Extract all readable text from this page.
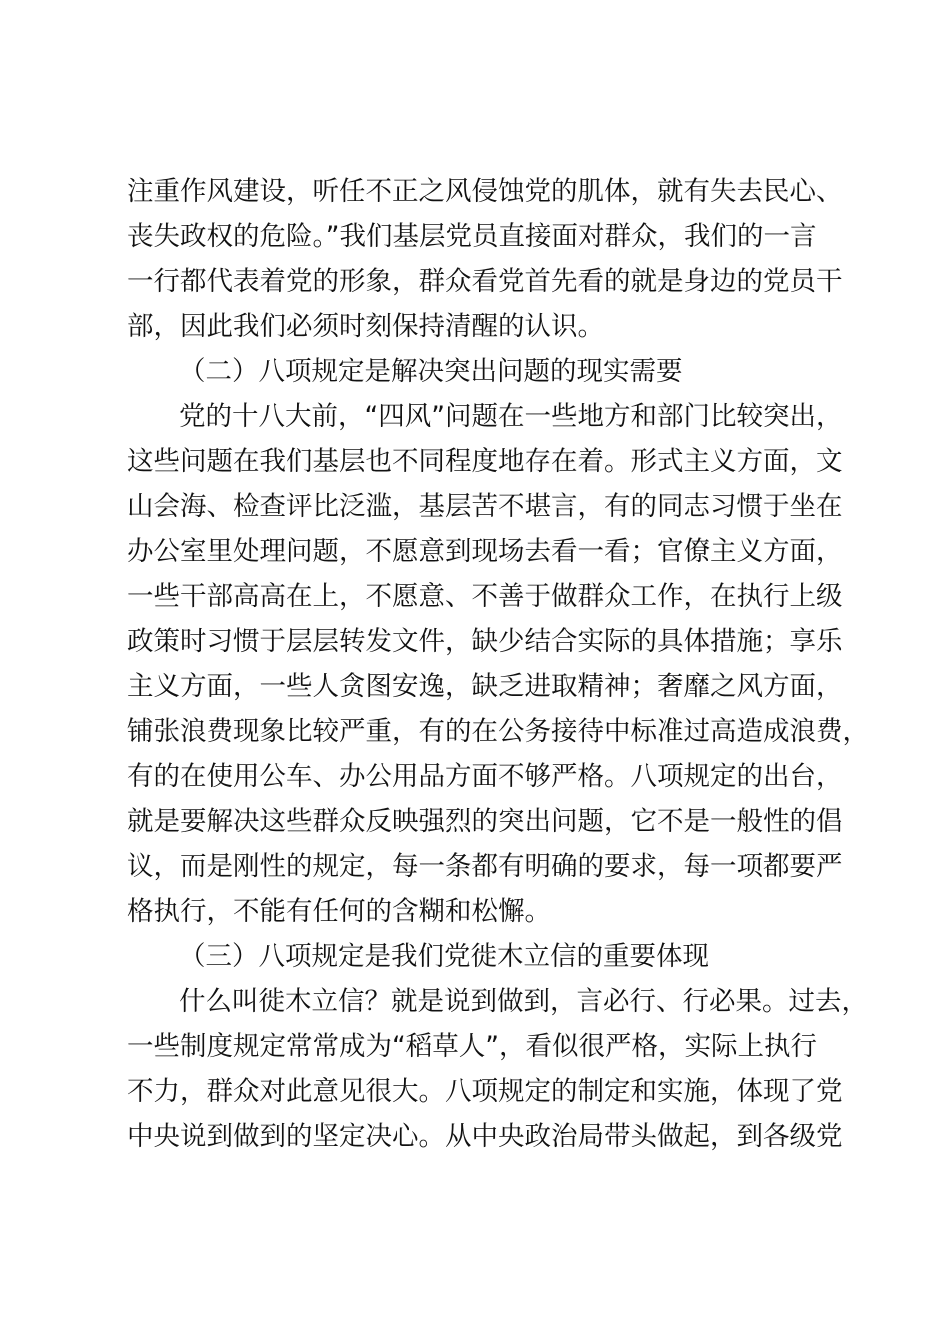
注重作风建设，听任不正之风侵蚀党的肌体，就有失去民心、
丧失政权的危险。”我们基层党员直接面对群众，我们的一言
一行都代表着党的形象，群众看党首先看的就是身边的党员干
部，因此我们必须时刻保持清醒的认识。
（二）八项规定是解决突出问题的现实需要
党的十八大前，“四风”问题在一些地方和部门比较突出，
这些问题在我们基层也不同程度地存在着。形式主义方面，文
山会海、检查评比泛滥，基层苦不堪言，有的同志习惯于坐在
办公室里处理问题，不愿意到现场去看一看；官僚主义方面，
一些干部高高在上，不愿意、不善于做群众工作，在执行上级
政策时习惯于层层转发文件，缺少结合实际的具体措施；享乐
主义方面，一些人贪图安逸，缺乏进取精神；奢靡之风方面，
铺张浪费现象比较严重，有的在公务接待中标准过高造成浪费，
有的在使用公车、办公用品方面不够严格。八项规定的出台，
就是要解决这些群众反映强烈的突出问题，它不是一般性的倡
议，而是刚性的规定，每一条都有明确的要求，每一项都要严
格执行，不能有任何的含糊和松懈。
（三）八项规定是我们党徙木立信的重要体现
什么叫徙木立信？就是说到做到，言必行、行必果。过去，
一些制度规定常常成为“稻草人”，看似很严格，实际上执行
不力，群众对此意见很大。八项规定的制定和实施，体现了党
中央说到做到的坚定决心。从中央政治局带头做起，到各级党
